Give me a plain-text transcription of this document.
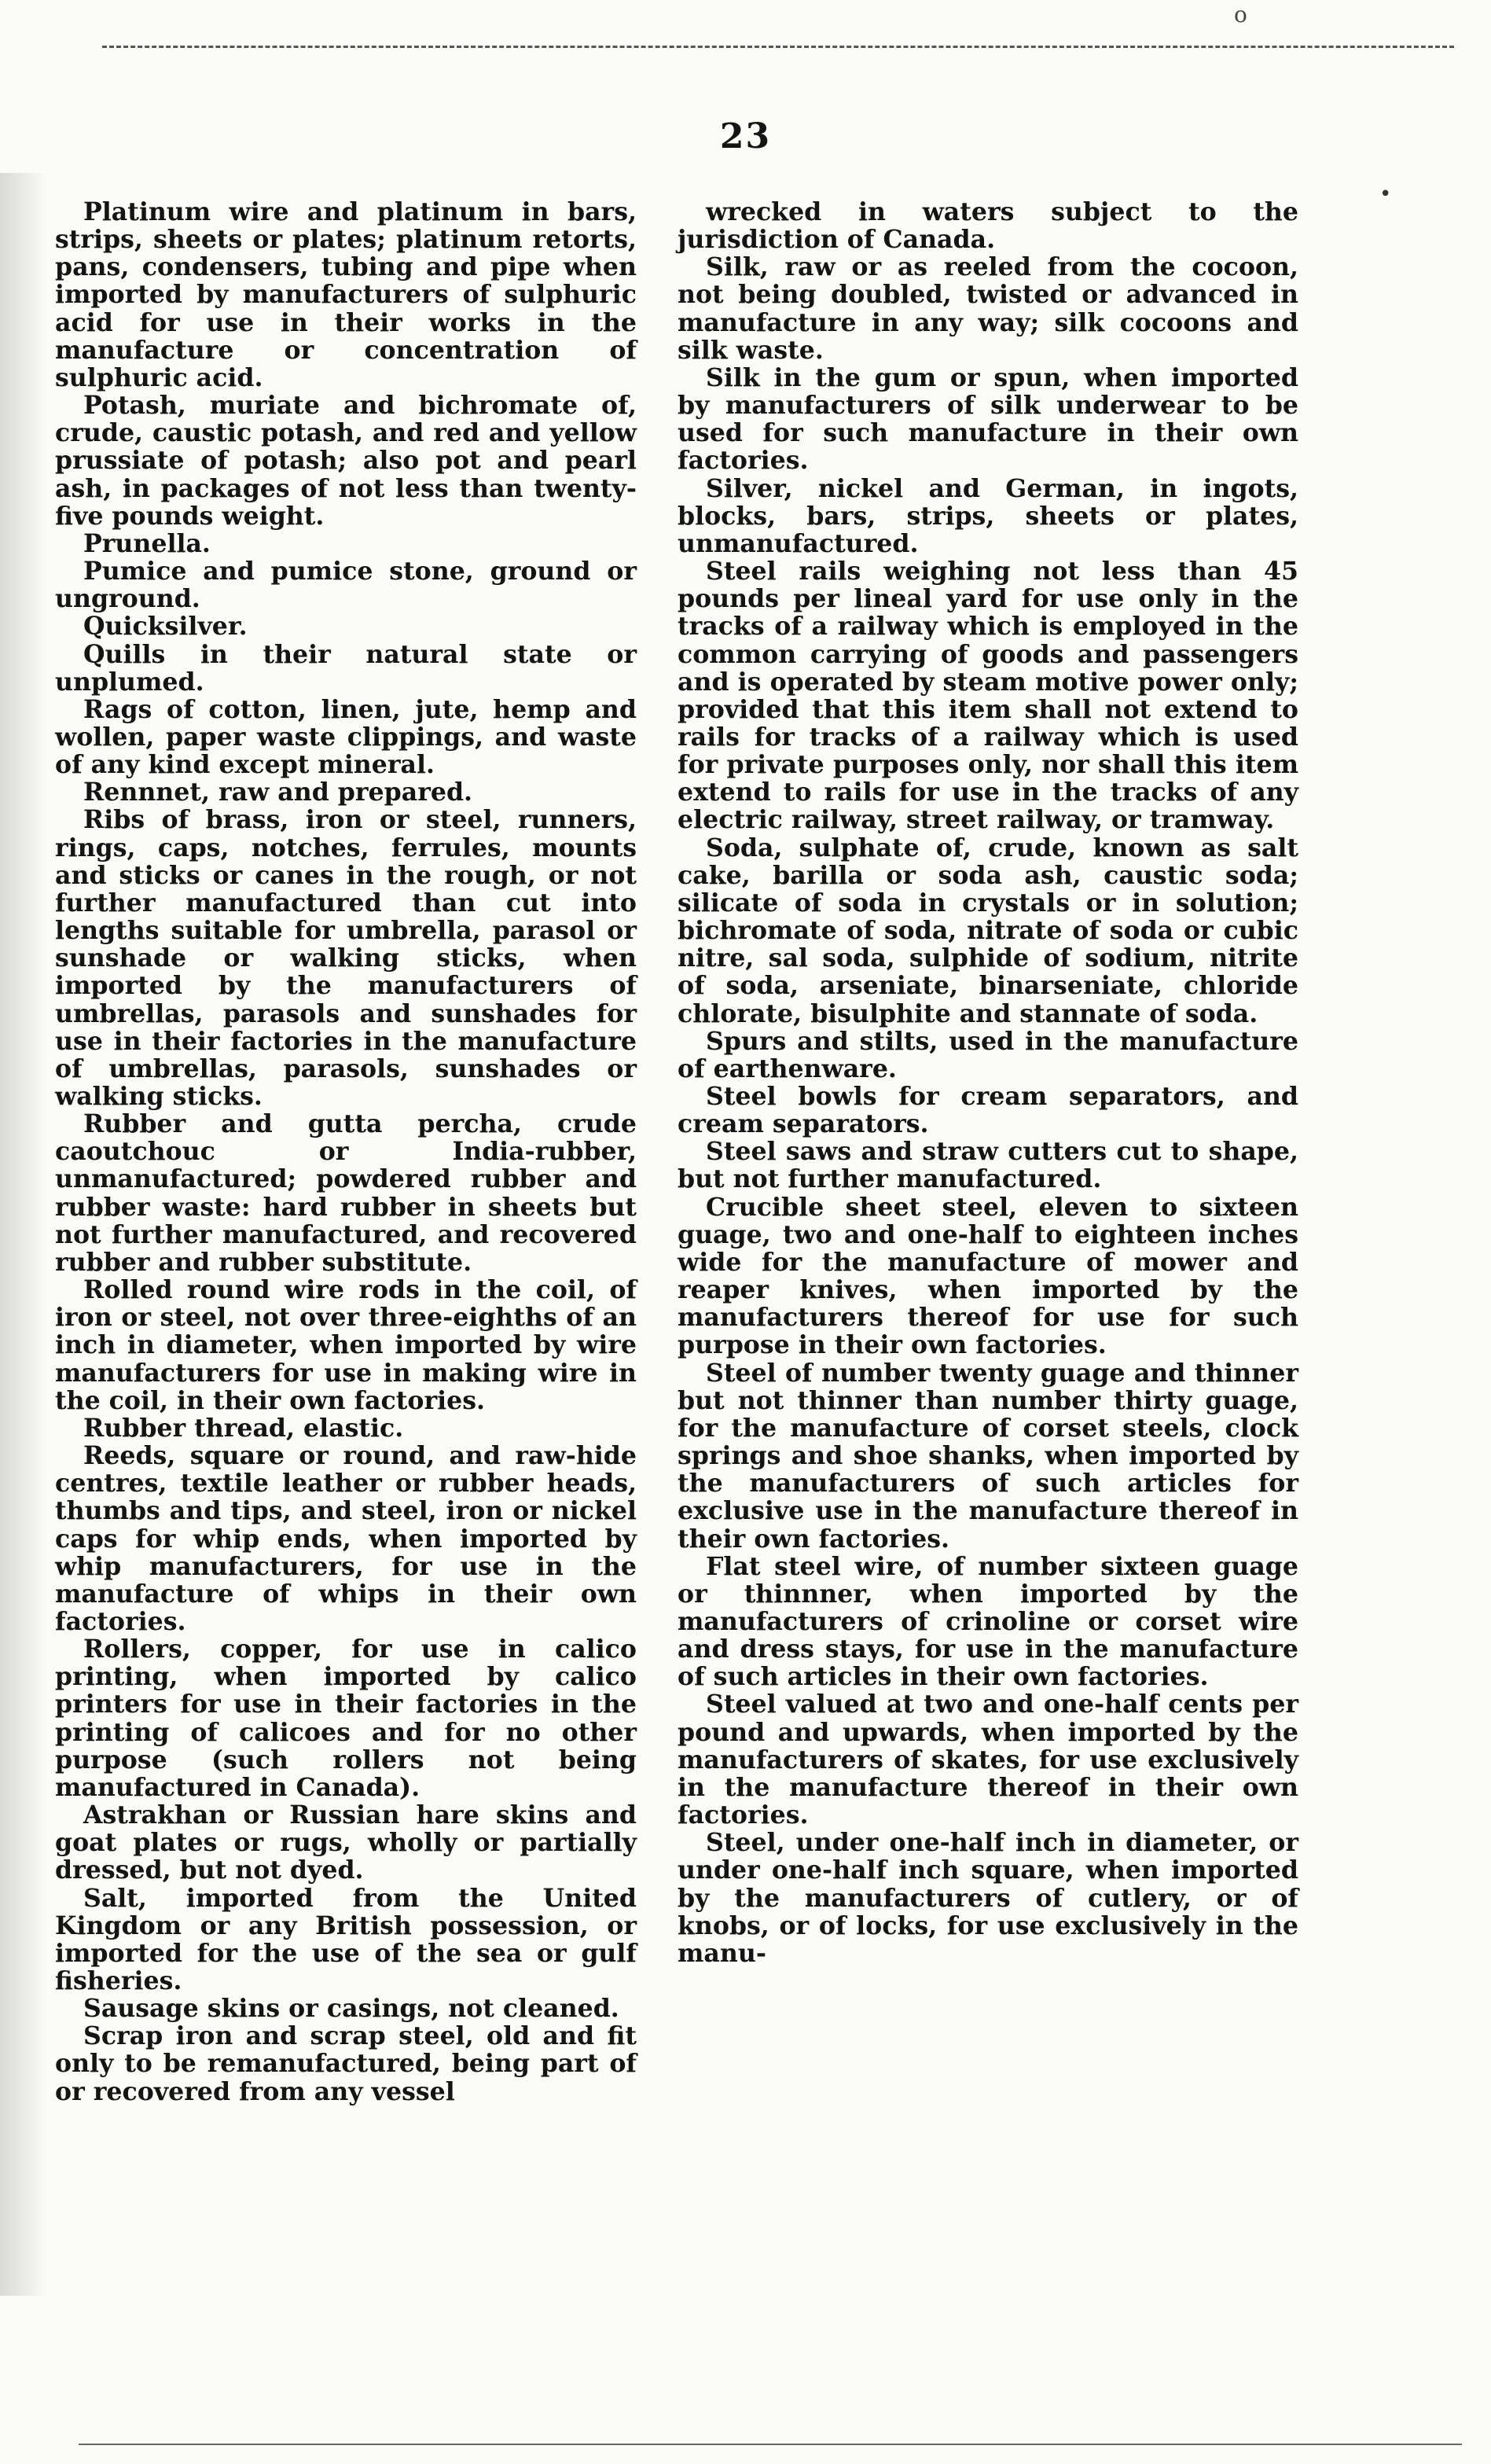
o
•
23

Platinum wire and platinum in bars, strips, sheets or plates; platinum retorts, pans, condensers, tubing and pipe when imported by manufacturers of sulphuric acid for use in their works in the manufacture or concentration of sulphuric acid.

Potash, muriate and bichromate of, crude, caustic potash, and red and yellow prussiate of potash; also pot and pearl ash, in packages of not less than twenty-five pounds weight.

Prunella.

Pumice and pumice stone, ground or unground.

Quicksilver.

Quills in their natural state or unplumed.

Rags of cotton, linen, jute, hemp and wollen, paper waste clippings, and waste of any kind except mineral.

Rennnet, raw and prepared.

Ribs of brass, iron or steel, runners, rings, caps, notches, ferrules, mounts and sticks or canes in the rough, or not further manufactured than cut into lengths suitable for umbrella, parasol or sunshade or walking sticks, when imported by the manufacturers of umbrellas, parasols and sunshades for use in their factories in the manufacture of umbrellas, parasols, sunshades or walking sticks.

Rubber and gutta percha, crude caoutchouc or India-rubber, unmanufactured; powdered rubber and rubber waste: hard rubber in sheets but not further manufactured, and recovered rubber and rubber substitute.

Rolled round wire rods in the coil, of iron or steel, not over three-eighths of an inch in diameter, when imported by wire manufacturers for use in making wire in the coil, in their own factories.

Rubber thread, elastic.

Reeds, square or round, and raw-hide centres, textile leather or rubber heads, thumbs and tips, and steel, iron or nickel caps for whip ends, when imported by whip manufacturers, for use in the manufacture of whips in their own factories.

Rollers, copper, for use in calico printing, when imported by calico printers for use in their factories in the printing of calicoes and for no other purpose (such rollers not being manufactured in Canada).

Astrakhan or Russian hare skins and goat plates or rugs, wholly or partially dressed, but not dyed.

Salt, imported from the United Kingdom or any British possession, or imported for the use of the sea or gulf fisheries.

Sausage skins or casings, not cleaned.

Scrap iron and scrap steel, old and fit only to be remanufactured, being part of or recovered from any vessel

wrecked in waters subject to the jurisdiction of Canada.

Silk, raw or as reeled from the cocoon, not being doubled, twisted or advanced in manufacture in any way; silk cocoons and silk waste.

Silk in the gum or spun, when imported by manufacturers of silk underwear to be used for such manufacture in their own factories.

Silver, nickel and German, in ingots, blocks, bars, strips, sheets or plates, unmanufactured.

Steel rails weighing not less than 45 pounds per lineal yard for use only in the tracks of a railway which is employed in the common carrying of goods and passengers and is operated by steam motive power only; provided that this item shall not extend to rails for tracks of a railway which is used for private purposes only, nor shall this item extend to rails for use in the tracks of any electric railway, street railway, or tramway.

Soda, sulphate of, crude, known as salt cake, barilla or soda ash, caustic soda; silicate of soda in crystals or in solution; bichromate of soda, nitrate of soda or cubic nitre, sal soda, sulphide of sodium, nitrite of soda, arseniate, binarseniate, chloride chlorate, bisulphite and stannate of soda.

Spurs and stilts, used in the manufacture of earthenware.

Steel bowls for cream separators, and cream separators.

Steel saws and straw cutters cut to shape, but not further manufactured.

Crucible sheet steel, eleven to sixteen guage, two and one-half to eighteen inches wide for the manufacture of mower and reaper knives, when imported by the manufacturers thereof for use for such purpose in their own factories.

Steel of number twenty guage and thinner but not thinner than number thirty guage, for the manufacture of corset steels, clock springs and shoe shanks, when imported by the manufacturers of such articles for exclusive use in the manufacture thereof in their own factories.

Flat steel wire, of number sixteen guage or thinnner, when imported by the manufacturers of crinoline or corset wire and dress stays, for use in the manufacture of such articles in their own factories.

Steel valued at two and one-half cents per pound and upwards, when imported by the manufacturers of skates, for use exclusively in the manufacture thereof in their own factories.

Steel, under one-half inch in diameter, or under one-half inch square, when imported by the manufacturers of cutlery, or of knobs, or of locks, for use exclusively in the manu-
